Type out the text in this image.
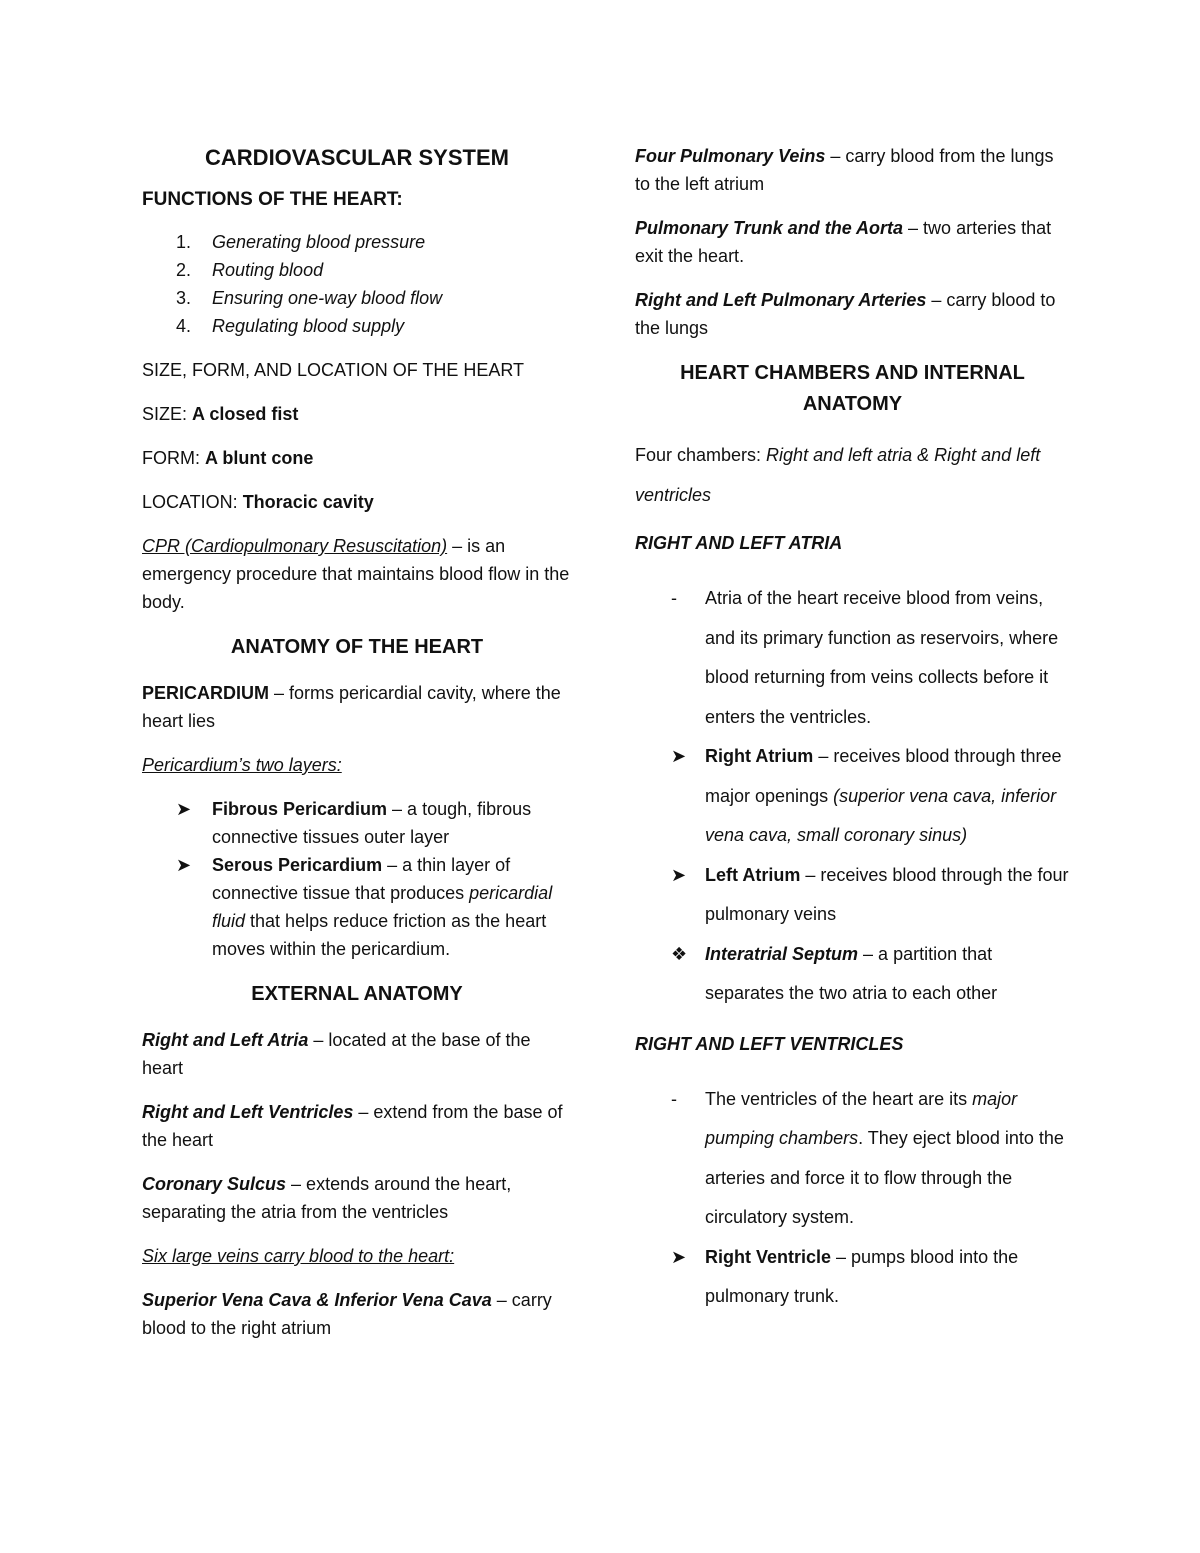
CARDIOVASCULAR SYSTEM
FUNCTIONS OF THE HEART:
1.	Generating blood pressure
2.	Routing blood
3.	Ensuring one-way blood flow
4.	Regulating blood supply
SIZE, FORM, AND LOCATION OF THE HEART
SIZE: A closed fist
FORM: A blunt cone
LOCATION: Thoracic cavity
CPR (Cardiopulmonary Resuscitation) – is an emergency procedure that maintains blood flow in the body.
ANATOMY OF THE HEART
PERICARDIUM – forms pericardial cavity, where the heart lies
Pericardium’s two layers:
➤	Fibrous Pericardium – a tough, fibrous connective tissues outer layer
➤	Serous Pericardium – a thin layer of connective tissue that produces pericardial fluid that helps reduce friction as the heart moves within the pericardium.
EXTERNAL ANATOMY
Right and Left Atria – located at the base of the heart
Right and Left Ventricles – extend from the base of the heart
Coronary Sulcus – extends around the heart, separating the atria from the ventricles
Six large veins carry blood to the heart:
Superior Vena Cava & Inferior Vena Cava – carry blood to the right atrium
Four Pulmonary Veins – carry blood from the lungs to the left atrium
Pulmonary Trunk and the Aorta – two arteries that exit the heart.
Right and Left Pulmonary Arteries – carry blood to the lungs
HEART CHAMBERS AND INTERNAL ANATOMY
Four chambers: Right and left atria & Right and left ventricles
RIGHT AND LEFT ATRIA
-	Atria of the heart receive blood from veins, and its primary function as reservoirs, where blood returning from veins collects before it enters the ventricles.
➤	Right Atrium – receives blood through three major openings (superior vena cava, inferior vena cava, small coronary sinus)
➤	Left Atrium – receives blood through the four pulmonary veins
❖ Interatrial Septum – a partition that separates the two atria to each other
RIGHT AND LEFT VENTRICLES
-	The ventricles of the heart are its major pumping chambers. They eject blood into the arteries and force it to flow through the circulatory system.
➤	Right Ventricle – pumps blood into the pulmonary trunk.
